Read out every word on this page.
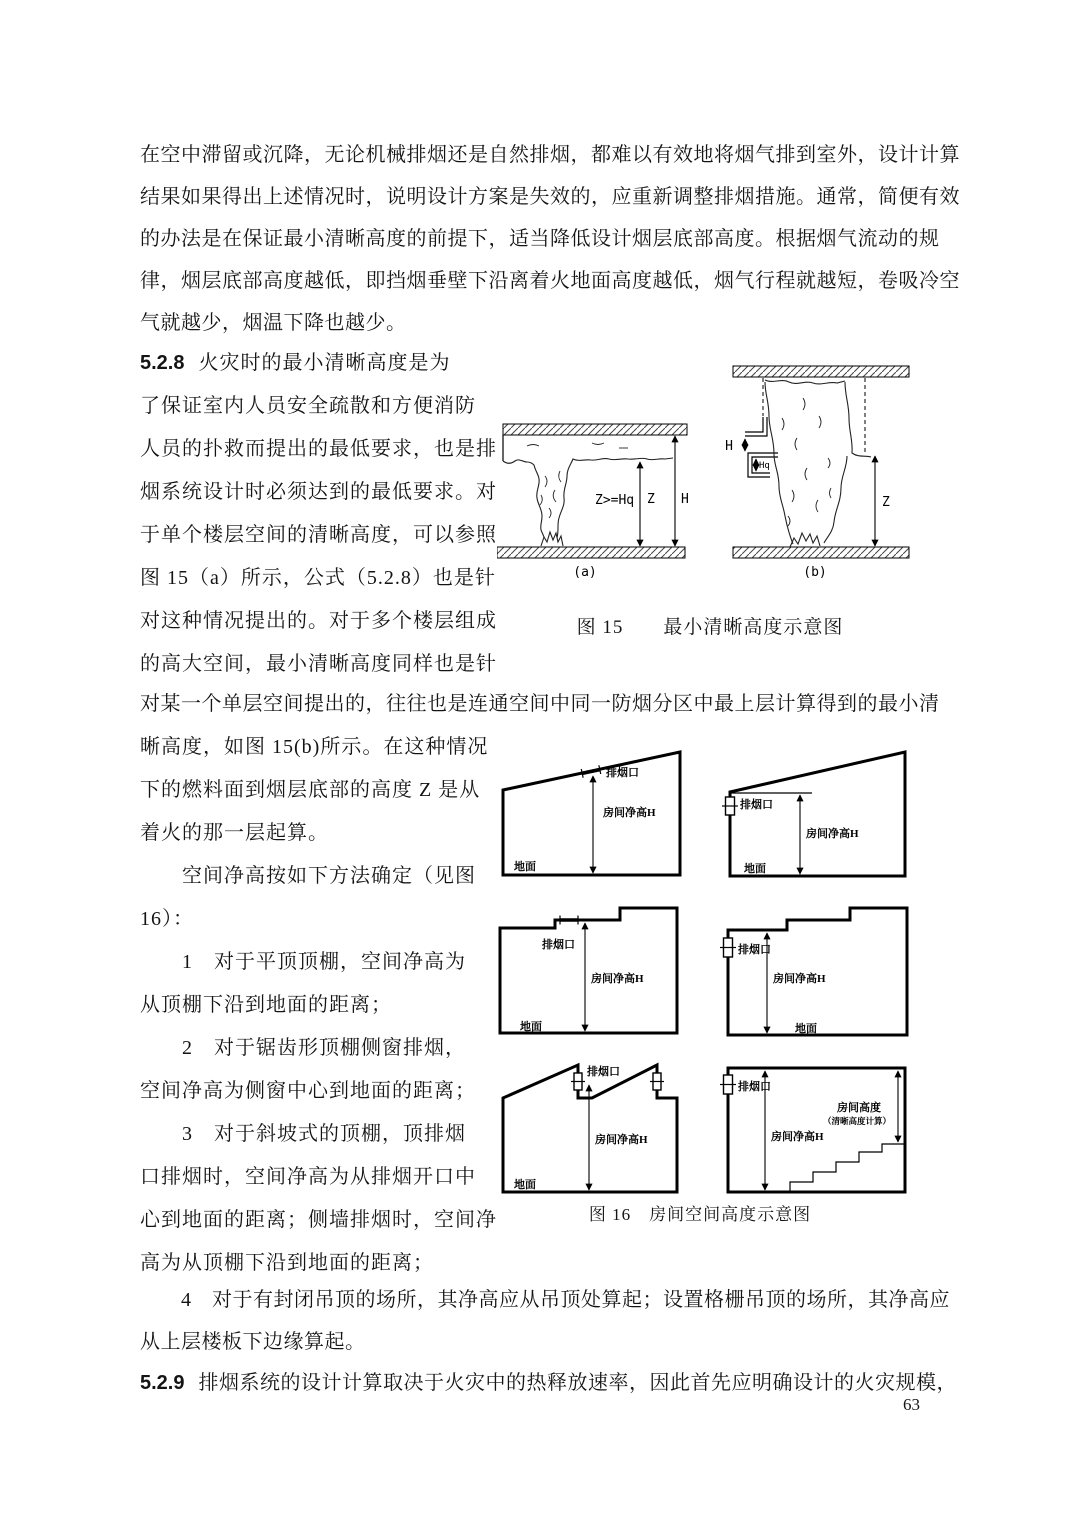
在空中滞留或沉降，无论机械排烟还是自然排烟，都难以有效地将烟气排到室外，设计计算
结果如果得出上述情况时，说明设计方案是失效的，应重新调整排烟措施。通常，简便有效
的办法是在保证最小清晰高度的前提下，适当降低设计烟层底部高度。根据烟气流动的规
律，烟层底部高度越低，即挡烟垂壁下沿离着火地面高度越低，烟气行程就越短，卷吸冷空
气就越少，烟温下降也越少。
5.2.8 火灾时的最小清晰高度是为
了保证室内人员安全疏散和方便消防
人员的扑救而提出的最低要求，也是排
烟系统设计时必须达到的最低要求。对
于单个楼层空间的清晰高度，可以参照
图 15（a）所示，公式（5.2.8）也是针
对这种情况提出的。对于多个楼层组成
的高大空间，最小清晰高度同样也是针
Z H
Z>=Hq
(a)
H
Hq
Z
(b)
图 15　　最小清晰高度示意图
对某一个单层空间提出的，往往也是连通空间中同一防烟分区中最上层计算得到的最小清
晰高度，如图 15(b)所示。在这种情况
下的燃料面到烟层底部的高度 Z 是从
着火的那一层起算。
　　空间净高按如下方法确定（见图
16）：
　　1　对于平顶顶棚，空间净高为
从顶棚下沿到地面的距离；
　　2　对于锯齿形顶棚侧窗排烟，
空间净高为侧窗中心到地面的距离；
　　3　对于斜坡式的顶棚，顶排烟
口排烟时，空间净高为从排烟开口中
心到地面的距离；侧墙排烟时，空间净
高为从顶棚下沿到地面的距离；
排烟口
房间净高H
地面
排烟口
房间净高H
地面
排烟口
房间净高H
地面
排烟口
房间净高H
地面
排烟口
房间净高H
地面
排烟口
房间净高H
房间高度
（清晰高度计算）
图 16　房间空间高度示意图
　　4　对于有封闭吊顶的场所，其净高应从吊顶处算起；设置格栅吊顶的场所，其净高应
从上层楼板下边缘算起。
5.2.9 排烟系统的设计计算取决于火灾中的热释放速率，因此首先应明确设计的火灾规模，
63
